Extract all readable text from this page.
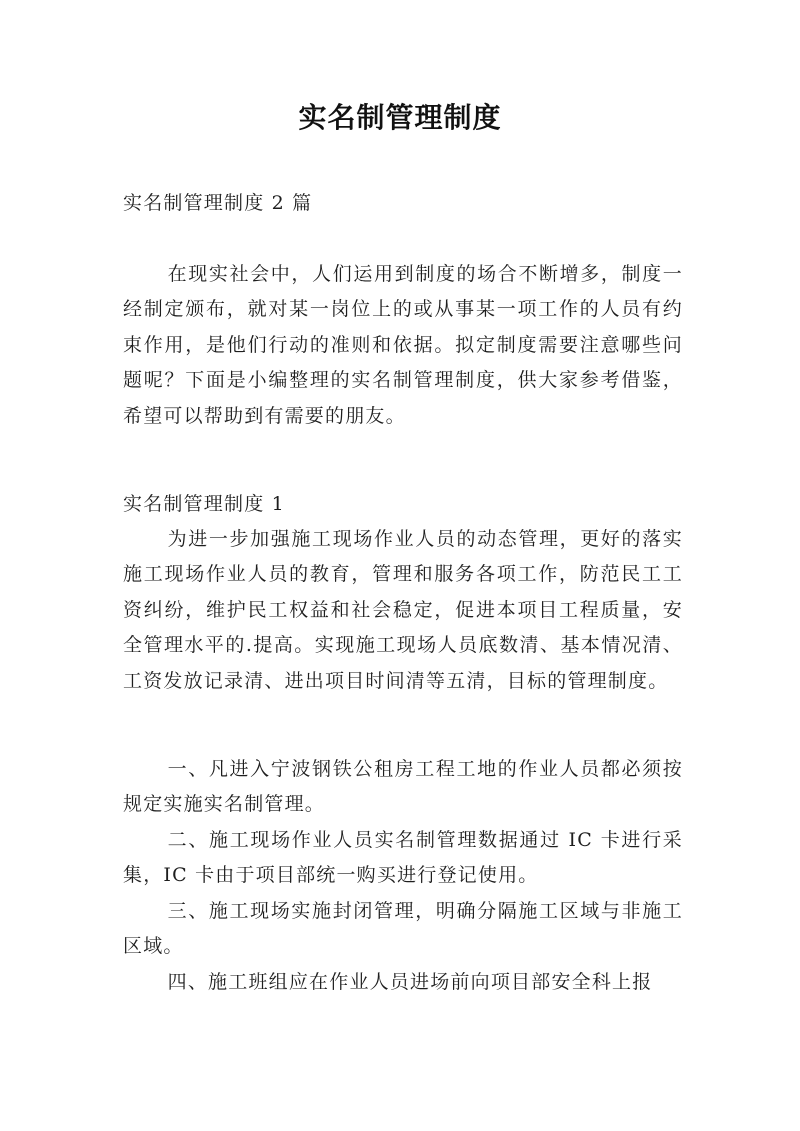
实名制管理制度

实名制管理制度 2 篇

在现实社会中，人们运用到制度的场合不断增多，制度一经制定颁布，就对某一岗位上的或从事某一项工作的人员有约束作用，是他们行动的准则和依据。拟定制度需要注意哪些问题呢？下面是小编整理的实名制管理制度，供大家参考借鉴，希望可以帮助到有需要的朋友。

实名制管理制度 1

为进一步加强施工现场作业人员的动态管理，更好的落实施工现场作业人员的教育，管理和服务各项工作，防范民工工资纠纷，维护民工权益和社会稳定，促进本项目工程质量，安全管理水平的.提高。实现施工现场人员底数清、基本情况清、工资发放记录清、进出项目时间清等五清，目标的管理制度。

一、凡进入宁波钢铁公租房工程工地的作业人员都必须按规定实施实名制管理。

二、施工现场作业人员实名制管理数据通过 IC 卡进行采集，IC 卡由于项目部统一购买进行登记使用。

三、施工现场实施封闭管理，明确分隔施工区域与非施工区域。

四、施工班组应在作业人员进场前向项目部安全科上报
